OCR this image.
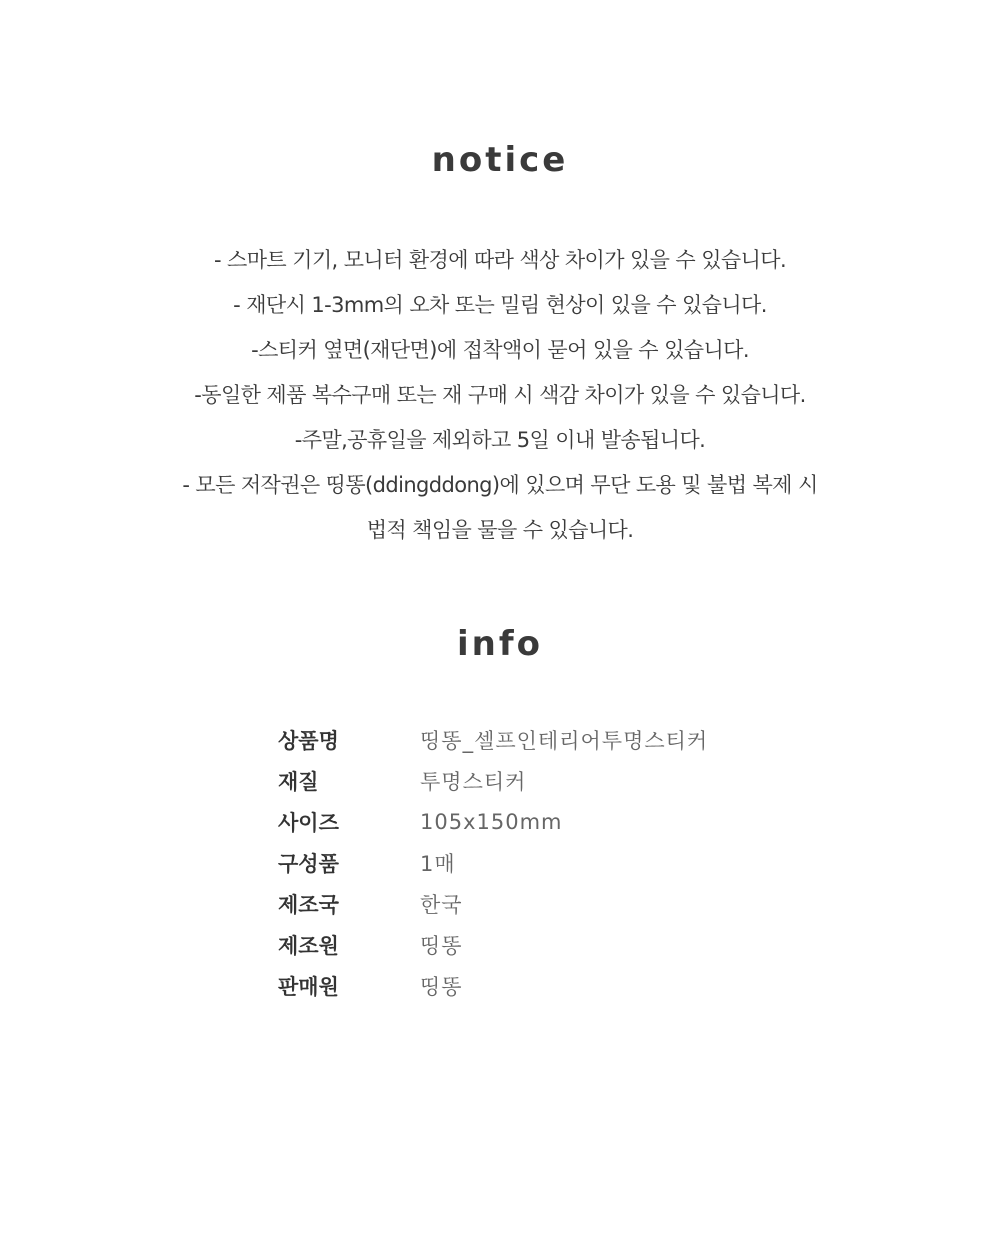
notice
- 스마트 기기, 모니터 환경에 따라 색상 차이가 있을 수 있습니다.
- 재단시 1-3mm의 오차 또는 밀림 현상이 있을 수 있습니다.
-스티커 옆면(재단면)에 접착액이 묻어 있을 수 있습니다.
-동일한 제품 복수구매 또는 재 구매 시 색감 차이가 있을 수 있습니다.
-주말,공휴일을 제외하고 5일 이내 발송됩니다.
- 모든 저작권은 띵똥(ddingddong)에 있으며 무단 도용 및 불법 복제 시
법적 책임을 물을 수 있습니다.
info
상품명	띵똥_셀프인테리어투명스티커
재질	투명스티커
사이즈	105x150mm
구성품	1매
제조국	한국
제조원	띵똥
판매원	띵똥
